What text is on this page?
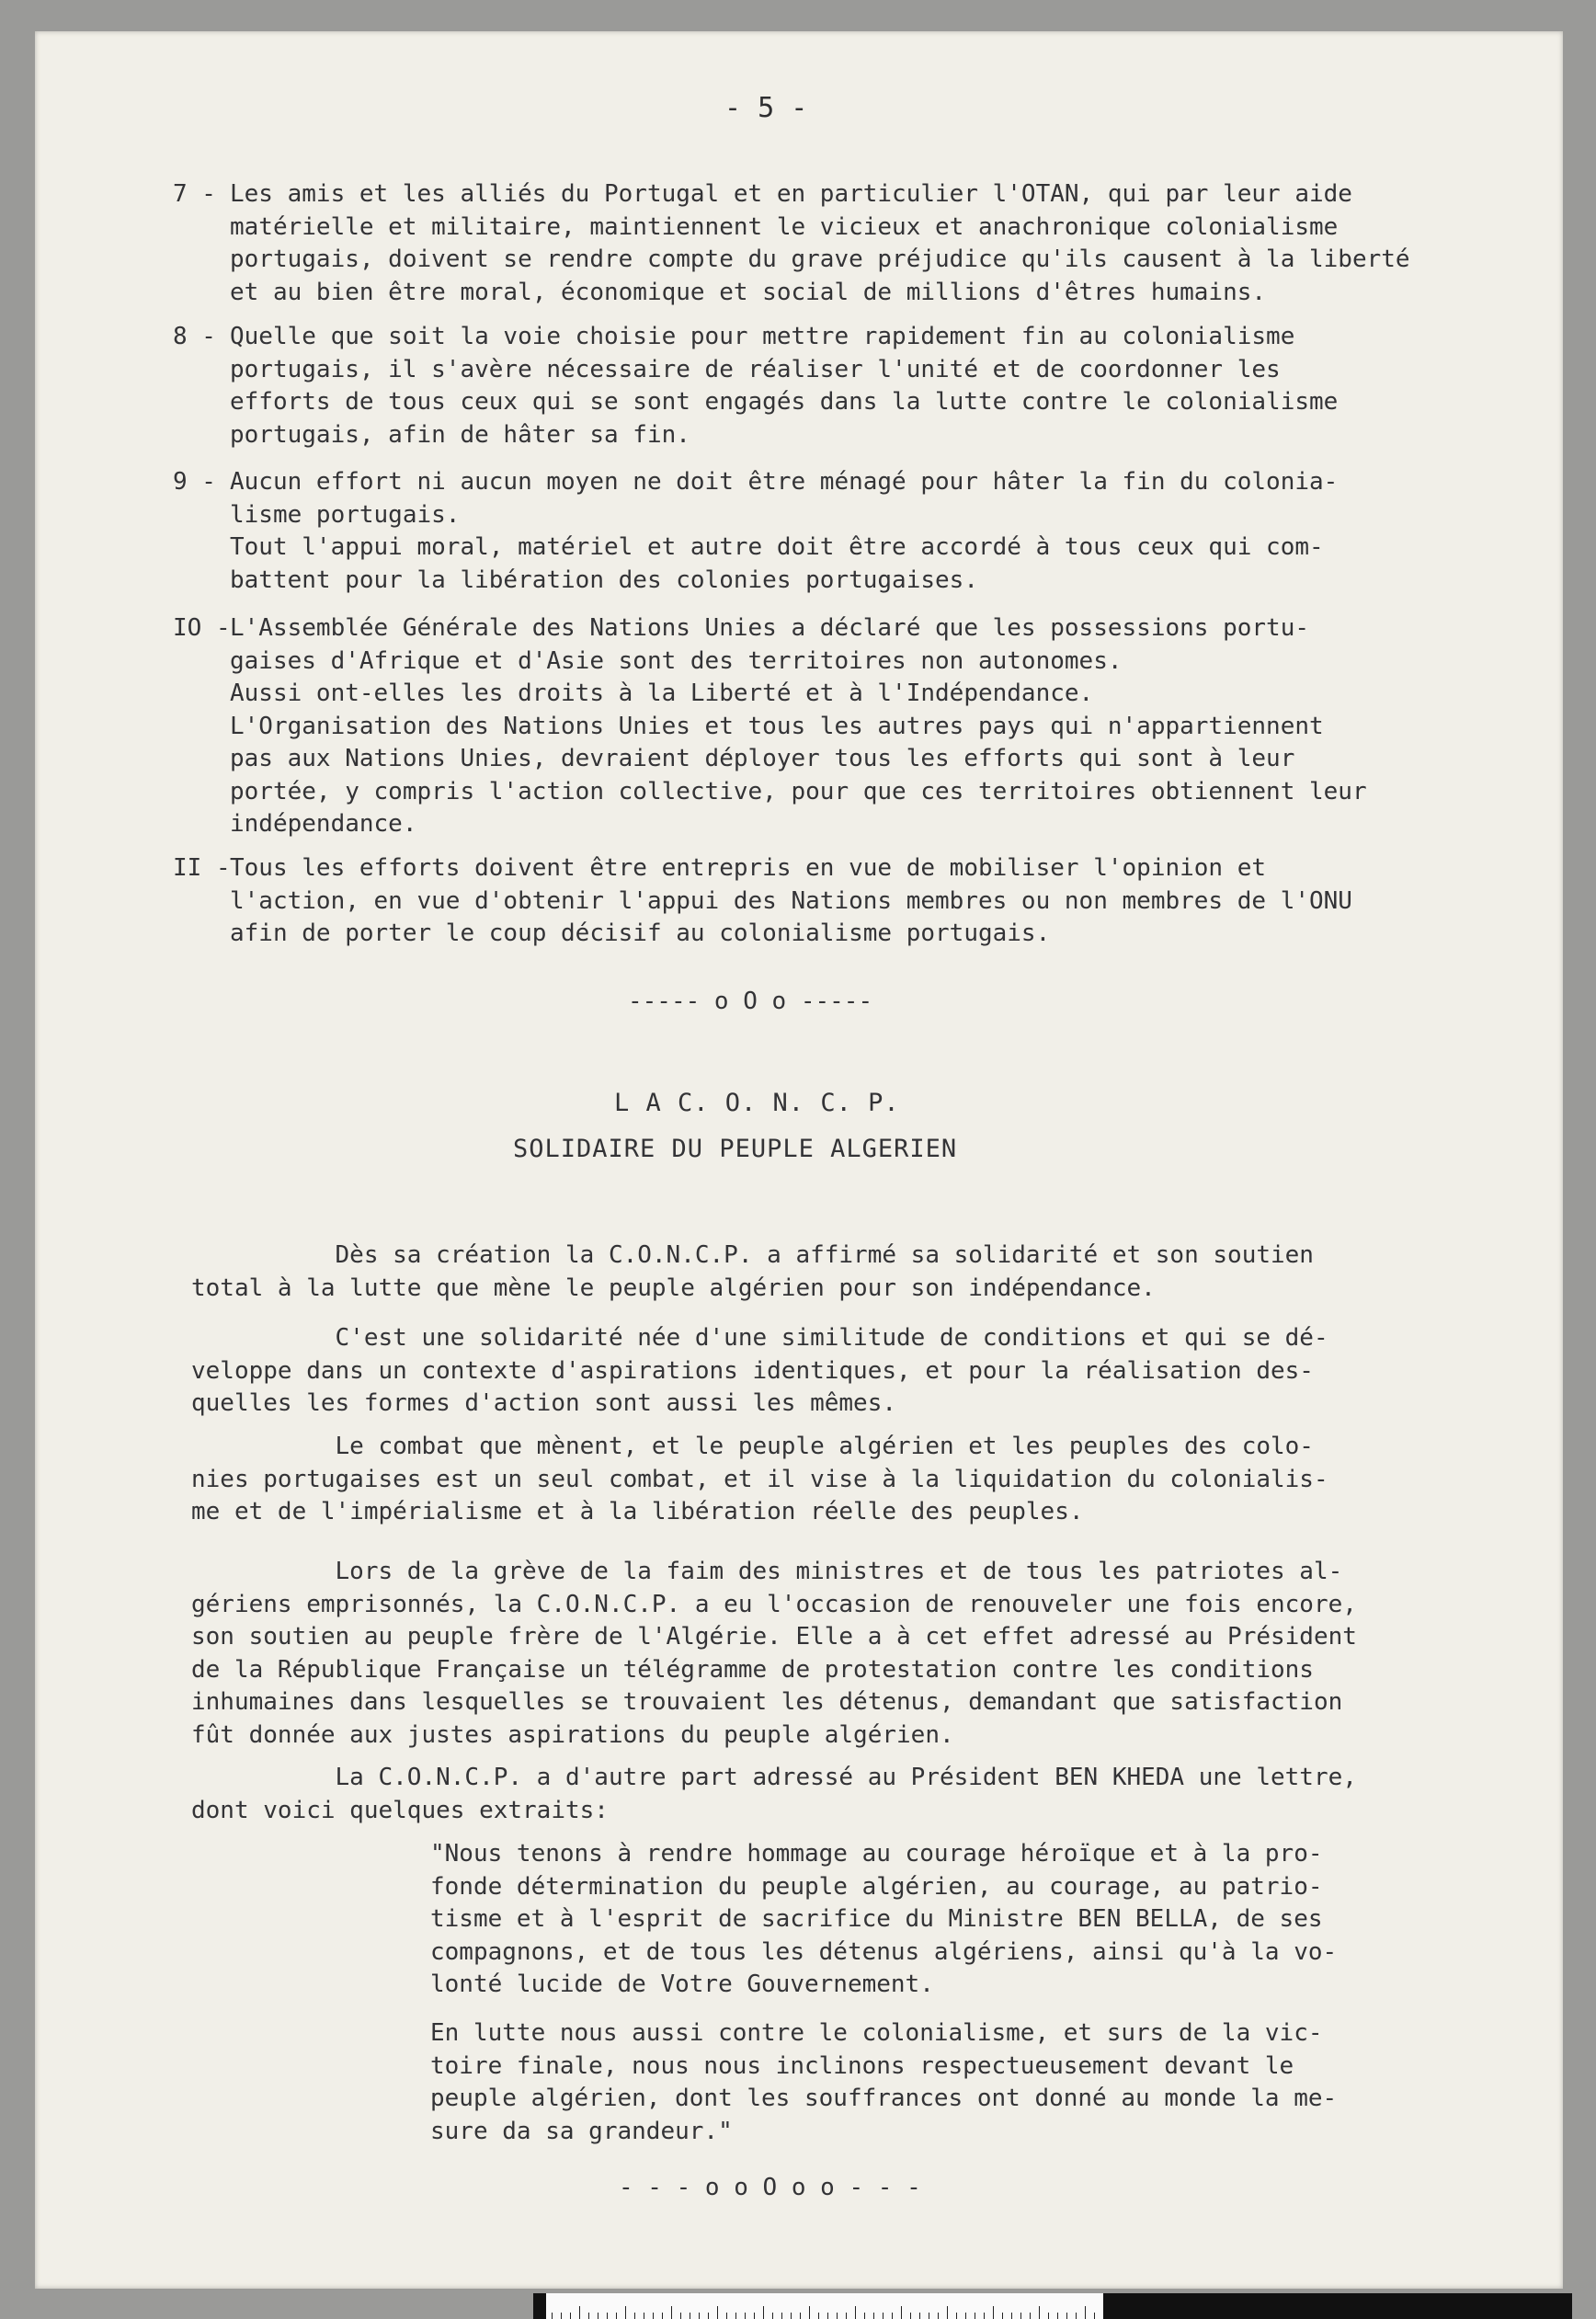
- 5 -
7 - Les amis et les alliés du Portugal et en particulier l'OTAN, qui par leur aide
matérielle et militaire, maintiennent le vicieux et anachronique colonialisme
portugais, doivent se rendre compte du grave préjudice qu'ils causent à la liberté
et au bien être moral, économique et social de millions d'êtres humains.
8 - Quelle que soit la voie choisie pour mettre rapidement fin au colonialisme
portugais, il s'avère nécessaire de réaliser l'unité et de coordonner les
efforts de tous ceux qui se sont engagés dans la lutte contre le colonialisme
portugais, afin de hâter sa fin.
9 - Aucun effort ni aucun moyen ne doit être ménagé pour hâter la fin du colonia-
lisme portugais.
Tout l'appui moral, matériel et autre doit être accordé à tous ceux qui com-
battent pour la libération des colonies portugaises.
IO - L'Assemblée Générale des Nations Unies a déclaré que les possessions portu-
gaises d'Afrique et d'Asie sont des territoires non autonomes.
Aussi ont-elles les droits à la Liberté et à l'Indépendance.
L'Organisation des Nations Unies et tous les autres pays qui n'appartiennent
pas aux Nations Unies, devraient déployer tous les efforts qui sont à leur
portée, y compris l'action collective, pour que ces territoires obtiennent leur
indépendance.
II - Tous les efforts doivent être entrepris en vue de mobiliser l'opinion et
l'action, en vue d'obtenir l'appui des Nations membres ou non membres de l'ONU
afin de porter le coup décisif au colonialisme portugais.
----- o O o -----
L A C. O. N. C. P.
SOLIDAIRE DU PEUPLE ALGERIEN
Dès sa création la C.O.N.C.P. a affirmé sa solidarité et son soutien
total à la lutte que mène le peuple algérien pour son indépendance.
C'est une solidarité née d'une similitude de conditions et qui se dé-
veloppe dans un contexte d'aspirations identiques, et pour la réalisation des-
quelles les formes d'action sont aussi les mêmes.
Le combat que mènent, et le peuple algérien et les peuples des colo-
nies portugaises est un seul combat, et il vise à la liquidation du colonialis-
me et de l'impérialisme et à la libération réelle des peuples.
Lors de la grève de la faim des ministres et de tous les patriotes al-
gériens emprisonnés, la C.O.N.C.P. a eu l'occasion de renouveler une fois encore,
son soutien au peuple frère de l'Algérie. Elle a à cet effet adressé au Président
de la République Française un télégramme de protestation contre les conditions
inhumaines dans lesquelles se trouvaient les détenus, demandant que satisfaction
fût donnée aux justes aspirations du peuple algérien.
La C.O.N.C.P. a d'autre part adressé au Président BEN KHEDA une lettre,
dont voici quelques extraits:
"Nous tenons à rendre hommage au courage héroïque et à la pro-
fonde détermination du peuple algérien, au courage, au patrio-
tisme et à l'esprit de sacrifice du Ministre BEN BELLA, de ses
compagnons, et de tous les détenus algériens, ainsi qu'à la vo-
lonté lucide de Votre Gouvernement.
En lutte nous aussi contre le colonialisme, et surs de la vic-
toire finale, nous nous inclinons respectueusement devant le
peuple algérien, dont les souffrances ont donné au monde la me-
sure da sa grandeur."
- - - o o O o o - - -
